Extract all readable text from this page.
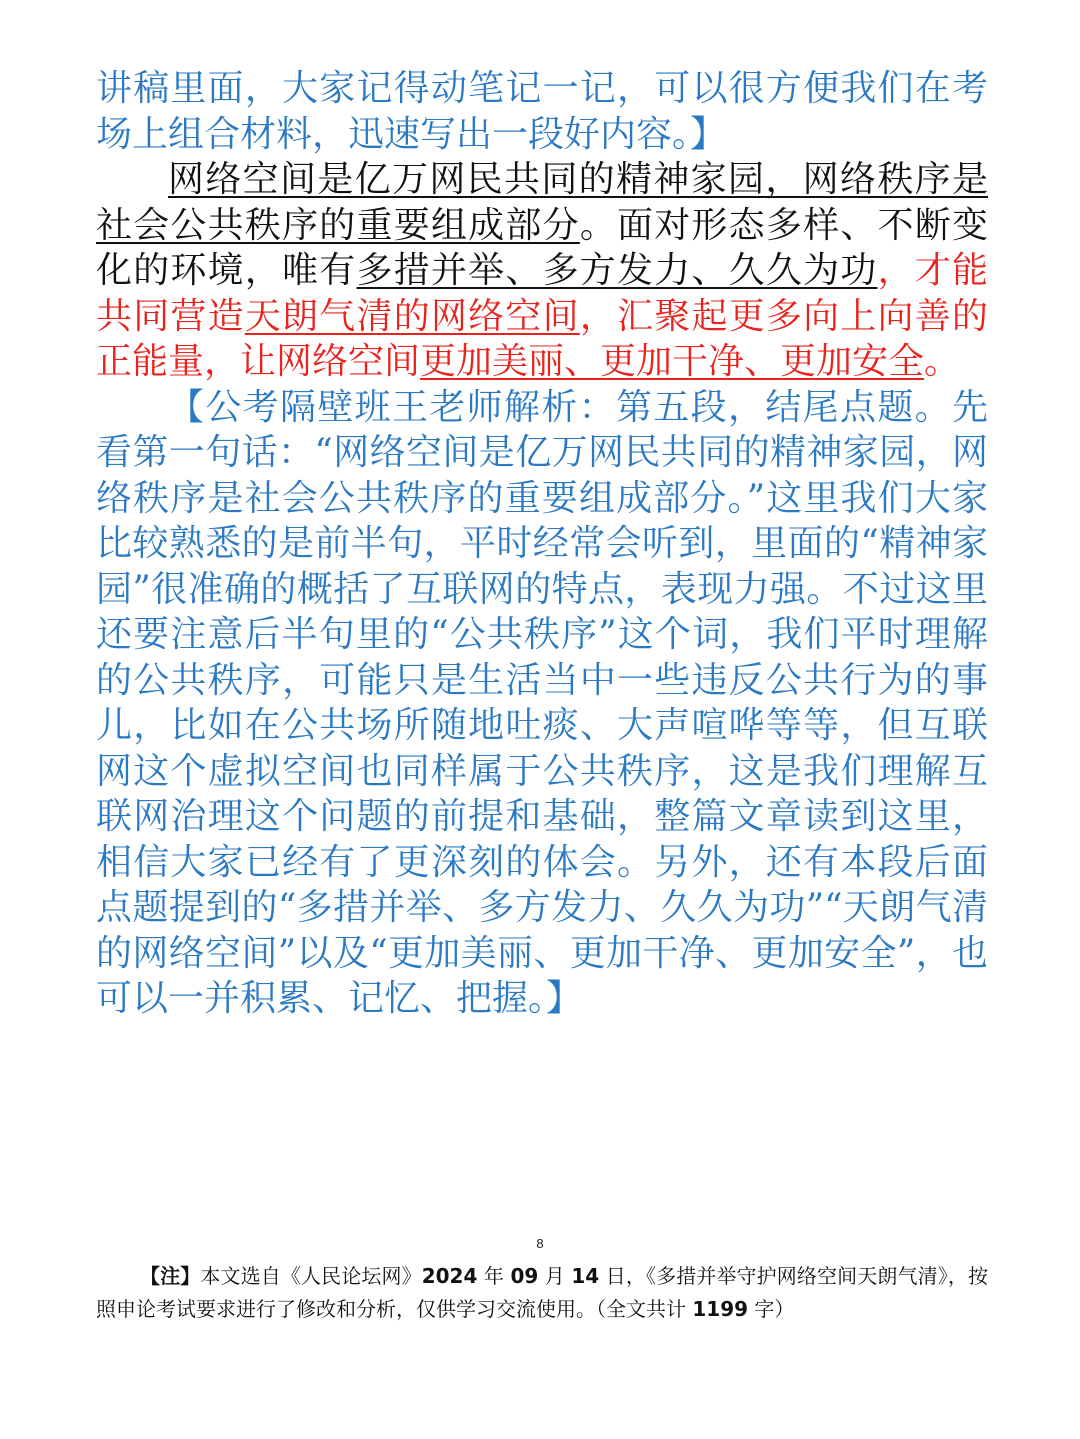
讲稿里面，大家记得动笔记一记，可以很方便我们在考场上组合材料，迅速写出一段好内容。】

网络空间是亿万网民共同的精神家园，网络秩序是社会公共秩序的重要组成部分。面对形态多样、不断变化的环境，唯有多措并举、多方发力、久久为功，才能共同营造天朗气清的网络空间，汇聚起更多向上向善的正能量，让网络空间更加美丽、更加干净、更加安全。

【公考隔壁班王老师解析：第五段，结尾点题。先看第一句话：“网络空间是亿万网民共同的精神家园，网络秩序是社会公共秩序的重要组成部分。”这里我们大家比较熟悉的是前半句，平时经常会听到，里面的“精神家园”很准确的概括了互联网的特点，表现力强。不过这里还要注意后半句里的“公共秩序”这个词，我们平时理解的公共秩序，可能只是生活当中一些违反公共行为的事儿，比如在公共场所随地吐痰、大声喧哗等等，但互联网这个虚拟空间也同样属于公共秩序，这是我们理解互联网治理这个问题的前提和基础，整篇文章读到这里，相信大家已经有了更深刻的体会。另外，还有本段后面点题提到的“多措并举、多方发力、久久为功”“天朗气清的网络空间”以及“更加美丽、更加干净、更加安全”，也可以一并积累、记忆、把握。】

8
【注】本文选自《人民论坛网》2024 年 09 月 14 日，《多措并举守护网络空间天朗气清》，按照申论考试要求进行了修改和分析，仅供学习交流使用。（全文共计 1199 字）
